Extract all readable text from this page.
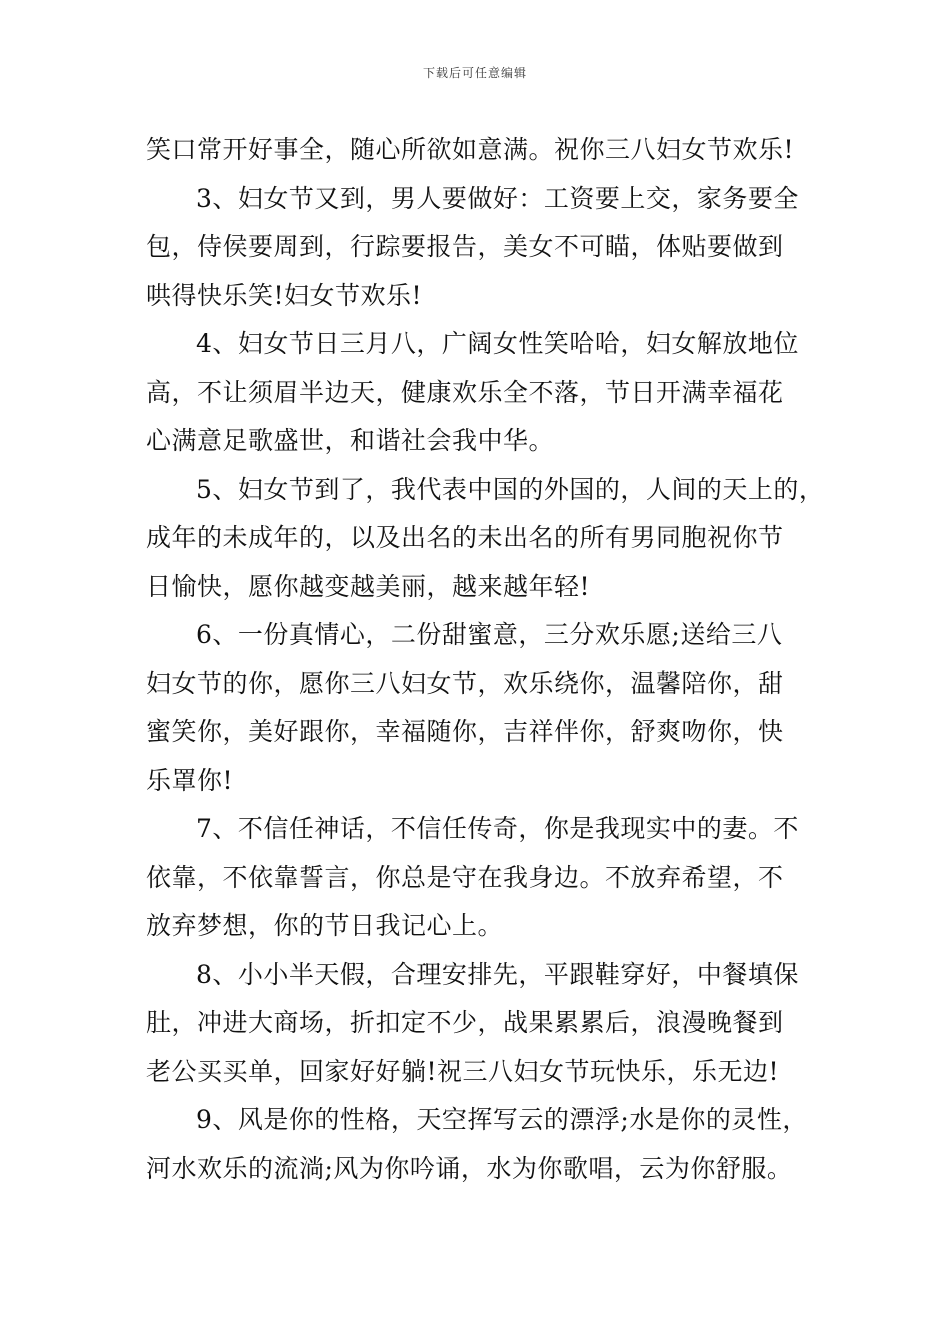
下载后可任意编辑
笑口常开好事全，随心所欲如意满。祝你三八妇女节欢乐!
3、妇女节又到，男人要做好：工资要上交，家务要全
包，侍侯要周到，行踪要报告，美女不可瞄，体贴要做到
哄得快乐笑!妇女节欢乐!
4、妇女节日三月八，广阔女性笑哈哈，妇女解放地位
高，不让须眉半边天，健康欢乐全不落，节日开满幸福花
心满意足歌盛世，和谐社会我中华。
5、妇女节到了，我代表中国的外国的，人间的天上的，
成年的未成年的，以及出名的未出名的所有男同胞祝你节
日愉快，愿你越变越美丽，越来越年轻!
6、一份真情心，二份甜蜜意，三分欢乐愿;送给三八
妇女节的你，愿你三八妇女节，欢乐绕你，温馨陪你，甜
蜜笑你，美好跟你，幸福随你，吉祥伴你，舒爽吻你，快
乐罩你!
7、不信任神话，不信任传奇，你是我现实中的妻。不
依靠，不依靠誓言，你总是守在我身边。不放弃希望，不
放弃梦想，你的节日我记心上。
8、小小半天假，合理安排先，平跟鞋穿好，中餐填保
肚，冲进大商场，折扣定不少，战果累累后，浪漫晚餐到
老公买买单，回家好好躺!祝三八妇女节玩快乐，乐无边!
9、风是你的性格，天空挥写云的漂浮;水是你的灵性，
河水欢乐的流淌;风为你吟诵，水为你歌唱，云为你舒服。
